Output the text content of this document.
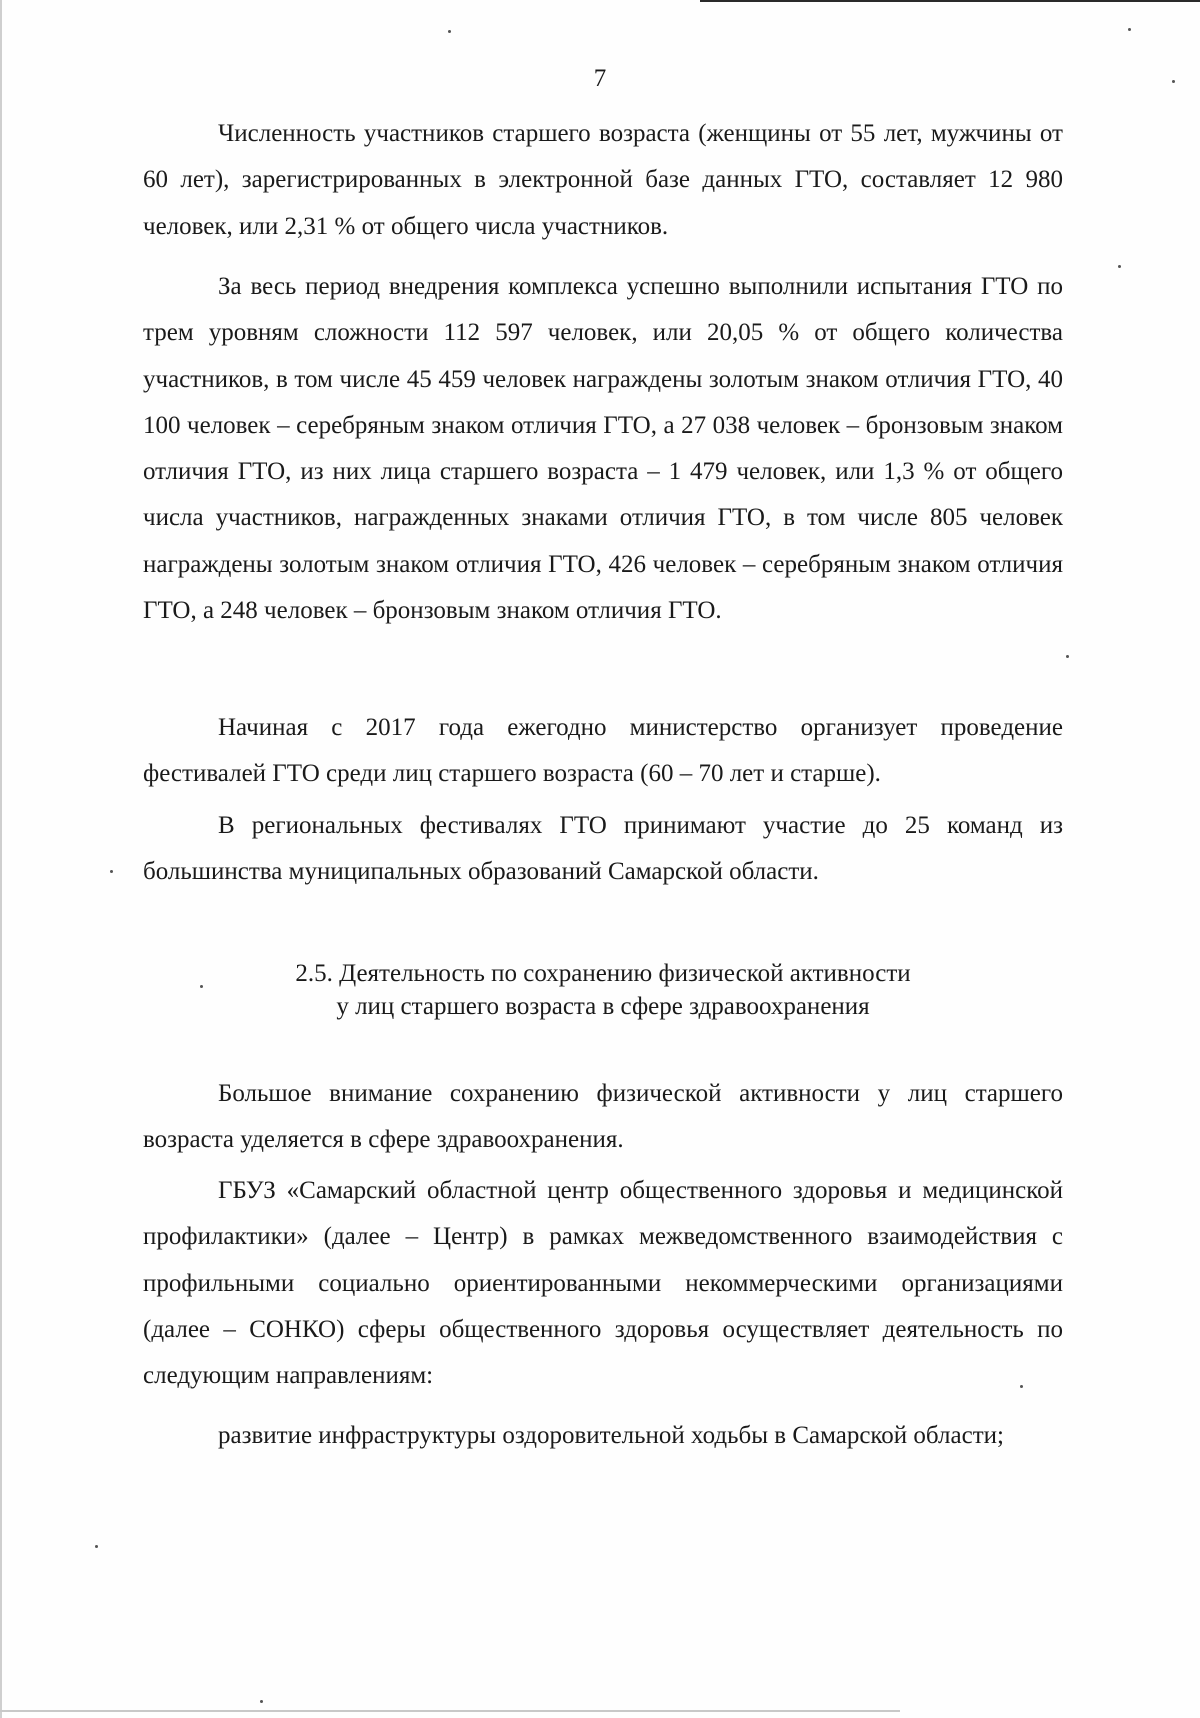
7

Численность участников старшего возраста (женщины от 55 лет, мужчины от 60 лет), зарегистрированных в электронной базе данных ГТО, составляет 12 980 человек, или 2,31 % от общего числа участников.

За весь период внедрения комплекса успешно выполнили испытания ГТО по трем уровням сложности 112 597 человек, или 20,05 % от общего количества участников, в том числе 45 459 человек награждены золотым знаком отличия ГТО, 40 100 человек – серебряным знаком отличия ГТО, а 27 038 человек – бронзовым знаком отличия ГТО, из них лица старшего возраста – 1 479 человек, или 1,3 % от общего числа участников, награжденных знаками отличия ГТО, в том числе 805 человек награждены золотым знаком отличия ГТО, 426 человек – серебряным знаком отличия ГТО, а 248 человек – бронзовым знаком отличия ГТО.

Начиная с 2017 года ежегодно министерство организует проведение фестивалей ГТО среди лиц старшего возраста (60 – 70 лет и старше).

В региональных фестивалях ГТО принимают участие до 25 команд из большинства муниципальных образований Самарской области.

2.5. Деятельность по сохранению физической активности
у лиц старшего возраста в сфере здравоохранения

Большое внимание сохранению физической активности у лиц старшего возраста уделяется в сфере здравоохранения.

ГБУЗ «Самарский областной центр общественного здоровья и медицинской профилактики» (далее – Центр) в рамках межведомственного взаимодействия с профильными социально ориентированными некоммерческими организациями (далее – СОНКО) сферы общественного здоровья осуществляет деятельность по следующим направлениям:

развитие инфраструктуры оздоровительной ходьбы в Самарской области;
